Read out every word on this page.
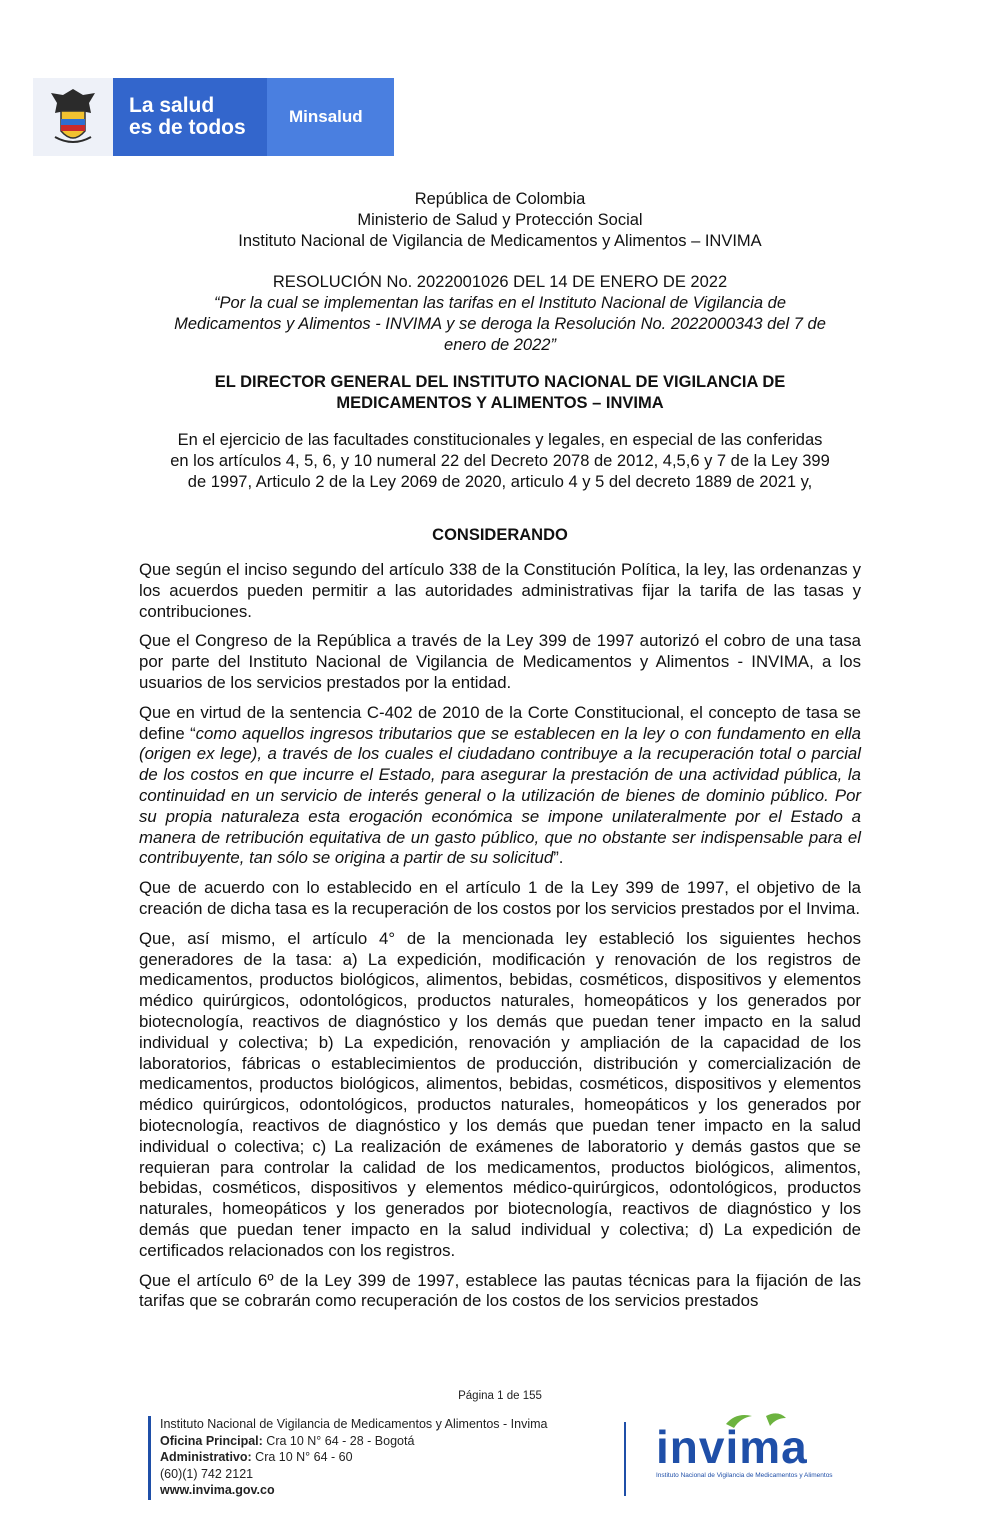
La salud
es de todos	Minsalud
República de Colombia
Ministerio de Salud y Protección Social
Instituto Nacional de Vigilancia de Medicamentos y Alimentos – INVIMA
RESOLUCIÓN No. 2022001026 DEL 14 DE ENERO DE 2022
“Por la cual se implementan las tarifas en el Instituto Nacional de Vigilancia de
Medicamentos y Alimentos - INVIMA y se deroga la Resolución No. 2022000343 del 7 de
enero de 2022”
EL DIRECTOR GENERAL DEL INSTITUTO NACIONAL DE VIGILANCIA DE
MEDICAMENTOS Y ALIMENTOS – INVIMA
En el ejercicio de las facultades constitucionales y legales, en especial de las conferidas
en los artículos 4, 5, 6, y 10 numeral 22 del Decreto 2078 de 2012, 4,5,6 y 7 de la Ley 399
de 1997, Articulo 2 de la Ley 2069 de 2020, articulo 4 y 5 del decreto 1889 de 2021 y,
CONSIDERANDO

Que según el inciso segundo del artículo 338 de la Constitución Política, la ley, las ordenanzas y los acuerdos pueden permitir a las autoridades administrativas fijar la tarifa de las tasas y contribuciones.

Que el Congreso de la República a través de la Ley 399 de 1997 autorizó el cobro de una tasa por parte del Instituto Nacional de Vigilancia de Medicamentos y Alimentos - INVIMA, a los usuarios de los servicios prestados por la entidad.

Que en virtud de la sentencia C-402 de 2010 de la Corte Constitucional, el concepto de tasa se define “como aquellos ingresos tributarios que se establecen en la ley o con fundamento en ella (origen ex lege), a través de los cuales el ciudadano contribuye a la recuperación total o parcial de los costos en que incurre el Estado, para asegurar la prestación de una actividad pública, la continuidad en un servicio de interés general o la utilización de bienes de dominio público. Por su propia naturaleza esta erogación económica se impone unilateralmente por el Estado a manera de retribución equitativa de un gasto público, que no obstante ser indispensable para el contribuyente, tan sólo se origina a partir de su solicitud”.

Que de acuerdo con lo establecido en el artículo 1 de la Ley 399 de 1997, el objetivo de la creación de dicha tasa es la recuperación de los costos por los servicios prestados por el Invima.

Que, así mismo, el artículo 4° de la mencionada ley estableció los siguientes hechos generadores de la tasa: a) La expedición, modificación y renovación de los registros de medicamentos, productos biológicos, alimentos, bebidas, cosméticos, dispositivos y elementos médico quirúrgicos, odontológicos, productos naturales, homeopáticos y los generados por biotecnología, reactivos de diagnóstico y los demás que puedan tener impacto en la salud individual y colectiva; b) La expedición, renovación y ampliación de la capacidad de los laboratorios, fábricas o establecimientos de producción, distribución y comercialización de medicamentos, productos biológicos, alimentos, bebidas, cosméticos, dispositivos y elementos médico quirúrgicos, odontológicos, productos naturales, homeopáticos y los generados por biotecnología, reactivos de diagnóstico y los demás que puedan tener impacto en la salud individual o colectiva; c) La realización de exámenes de laboratorio y demás gastos que se requieran para controlar la calidad de los medicamentos, productos biológicos, alimentos, bebidas, cosméticos, dispositivos y elementos médico-quirúrgicos, odontológicos, productos naturales, homeopáticos y los generados por biotecnología, reactivos de diagnóstico y los demás que puedan tener impacto en la salud individual y colectiva; d) La expedición de certificados relacionados con los registros.

Que el artículo 6º de la Ley 399 de 1997, establece las pautas técnicas para la fijación de las tarifas que se cobrarán como recuperación de los costos de los servicios prestados

Página 1 de 155
Instituto Nacional de Vigilancia de Medicamentos y Alimentos - Invima
Oficina Principal: Cra 10 N° 64 - 28 - Bogotá
Administrativo: Cra 10 N° 64 - 60
(60)(1) 742 2121
www.invima.gov.co
invima
Instituto Nacional de Vigilancia de Medicamentos y Alimentos
